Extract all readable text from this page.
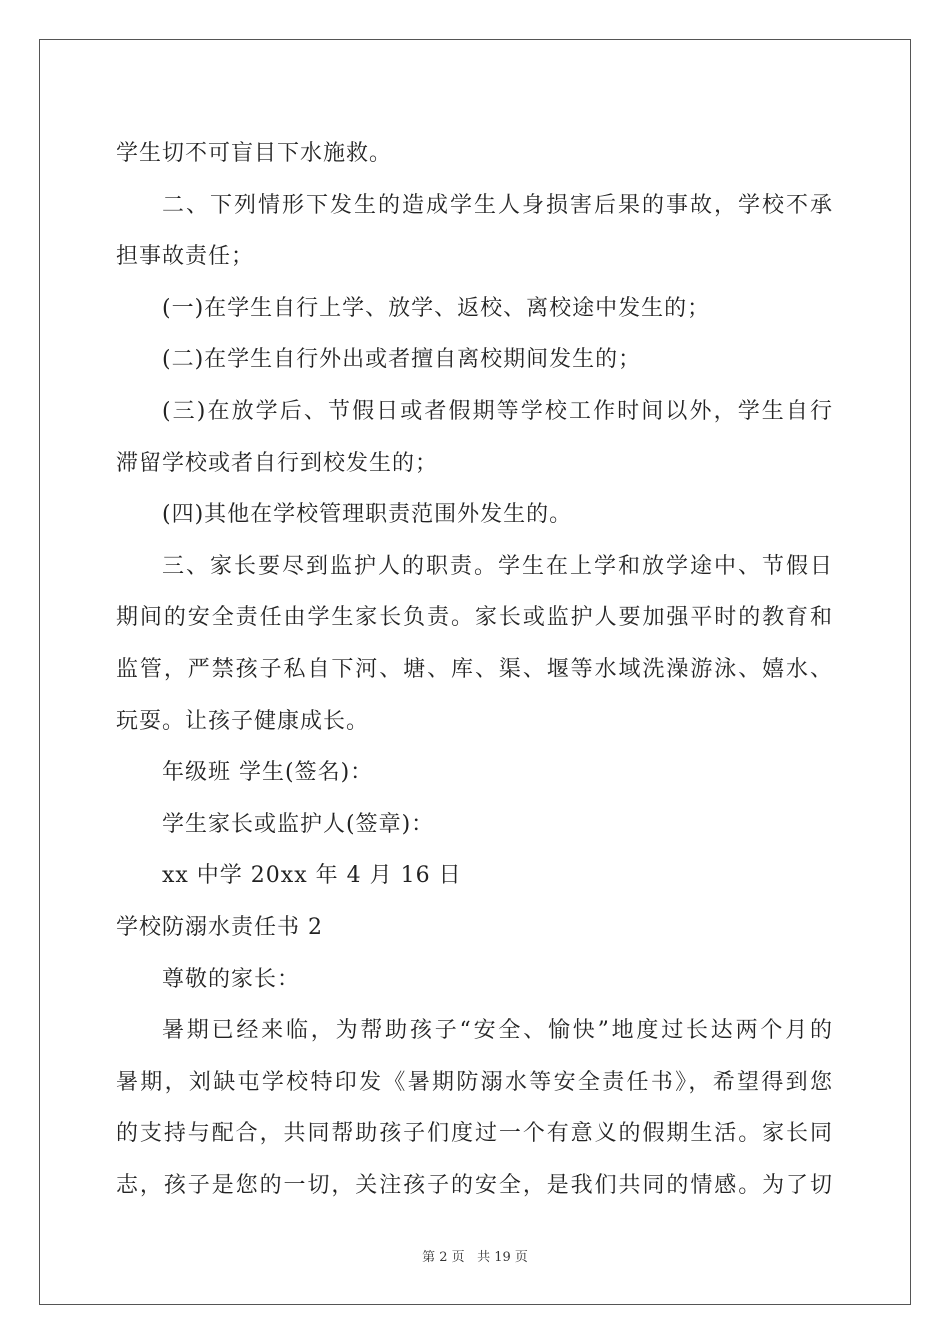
学生切不可盲目下水施救。
二、下列情形下发生的造成学生人身损害后果的事故，学校不承
担事故责任；
(一)在学生自行上学、放学、返校、离校途中发生的；
(二)在学生自行外出或者擅自离校期间发生的；
(三)在放学后、节假日或者假期等学校工作时间以外，学生自行
滞留学校或者自行到校发生的；
(四)其他在学校管理职责范围外发生的。
三、家长要尽到监护人的职责。学生在上学和放学途中、节假日
期间的安全责任由学生家长负责。家长或监护人要加强平时的教育和
监管，严禁孩子私自下河、塘、库、渠、堰等水域洗澡游泳、嬉水、
玩耍。让孩子健康成长。
年级班 学生(签名)：
学生家长或监护人(签章)：
xx 中学 20xx 年 4 月 16 日
学校防溺水责任书 2
尊敬的家长：
暑期已经来临，为帮助孩子“安全、愉快”地度过长达两个月的
暑期，刘缺屯学校特印发《暑期防溺水等安全责任书》，希望得到您
的支持与配合，共同帮助孩子们度过一个有意义的假期生活。家长同
志，孩子是您的一切，关注孩子的安全，是我们共同的情感。为了切
第 2 页 共 19 页
